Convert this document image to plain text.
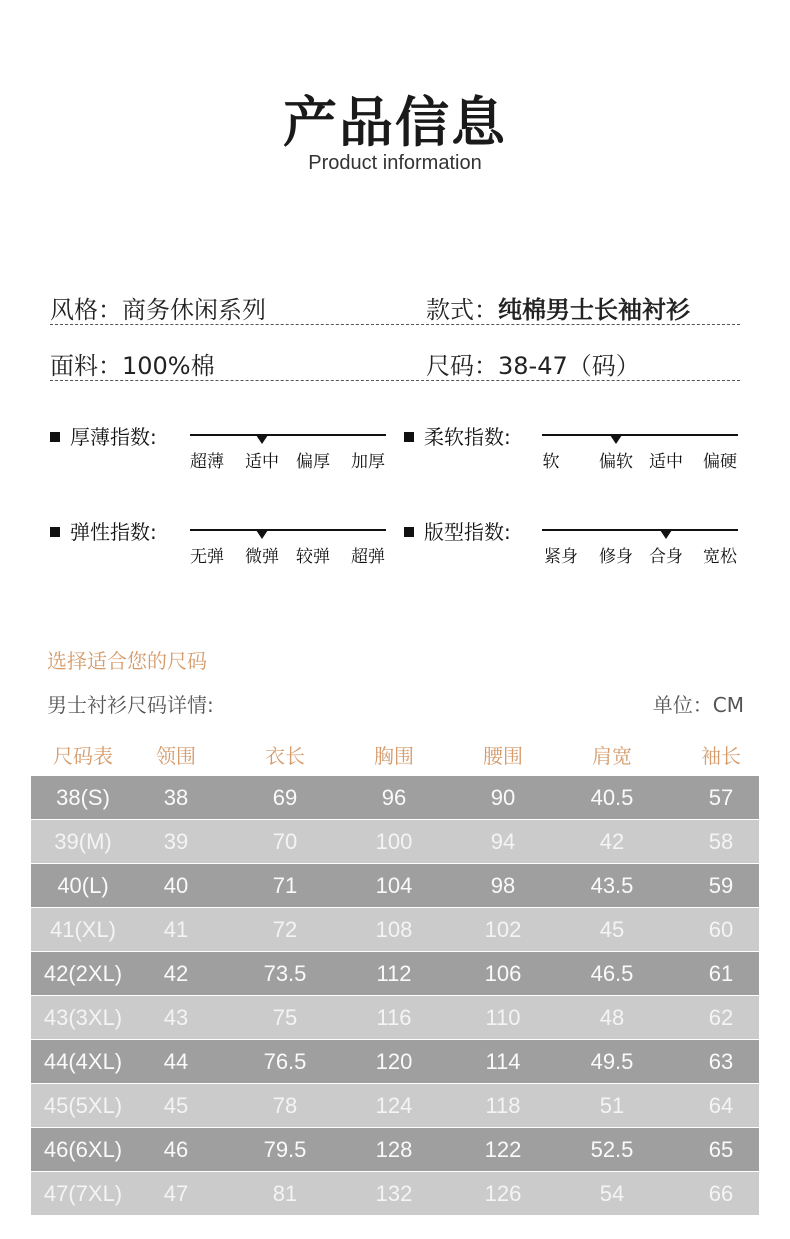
产品信息
Product information
风格：商务休闲系列	款式：纯棉男士长袖衬衫
面料：100%棉	尺码：38-47（码）
厚薄指数:
超薄 适中 偏厚 加厚
柔软指数:
软 偏软 适中 偏硬
弹性指数:
无弹 微弹 较弹 超弹
版型指数:
紧身 修身 合身 宽松
选择适合您的尺码
男士衬衫尺码详情:	单位：CM
尺码表 领围	衣长	胸围	腰围	肩宽	袖长
38(S) 38	69	96	90	40.5	57
39(M) 39	70	100	94	42	58
40(L)	40	71	104	98	43.5	59
41(XL) 41	72	108	102	45	60
42(2XL) 42	73.5	112	106	46.5	61
43(3XL) 43	75	116	110	48	62
44(4XL) 44	76.5	120	114	49.5	63
45(5XL) 45	78	124	118	51	64
46(6XL) 46	79.5	128	122	52.5	65
47(7XL) 47	81	132	126	54	66
